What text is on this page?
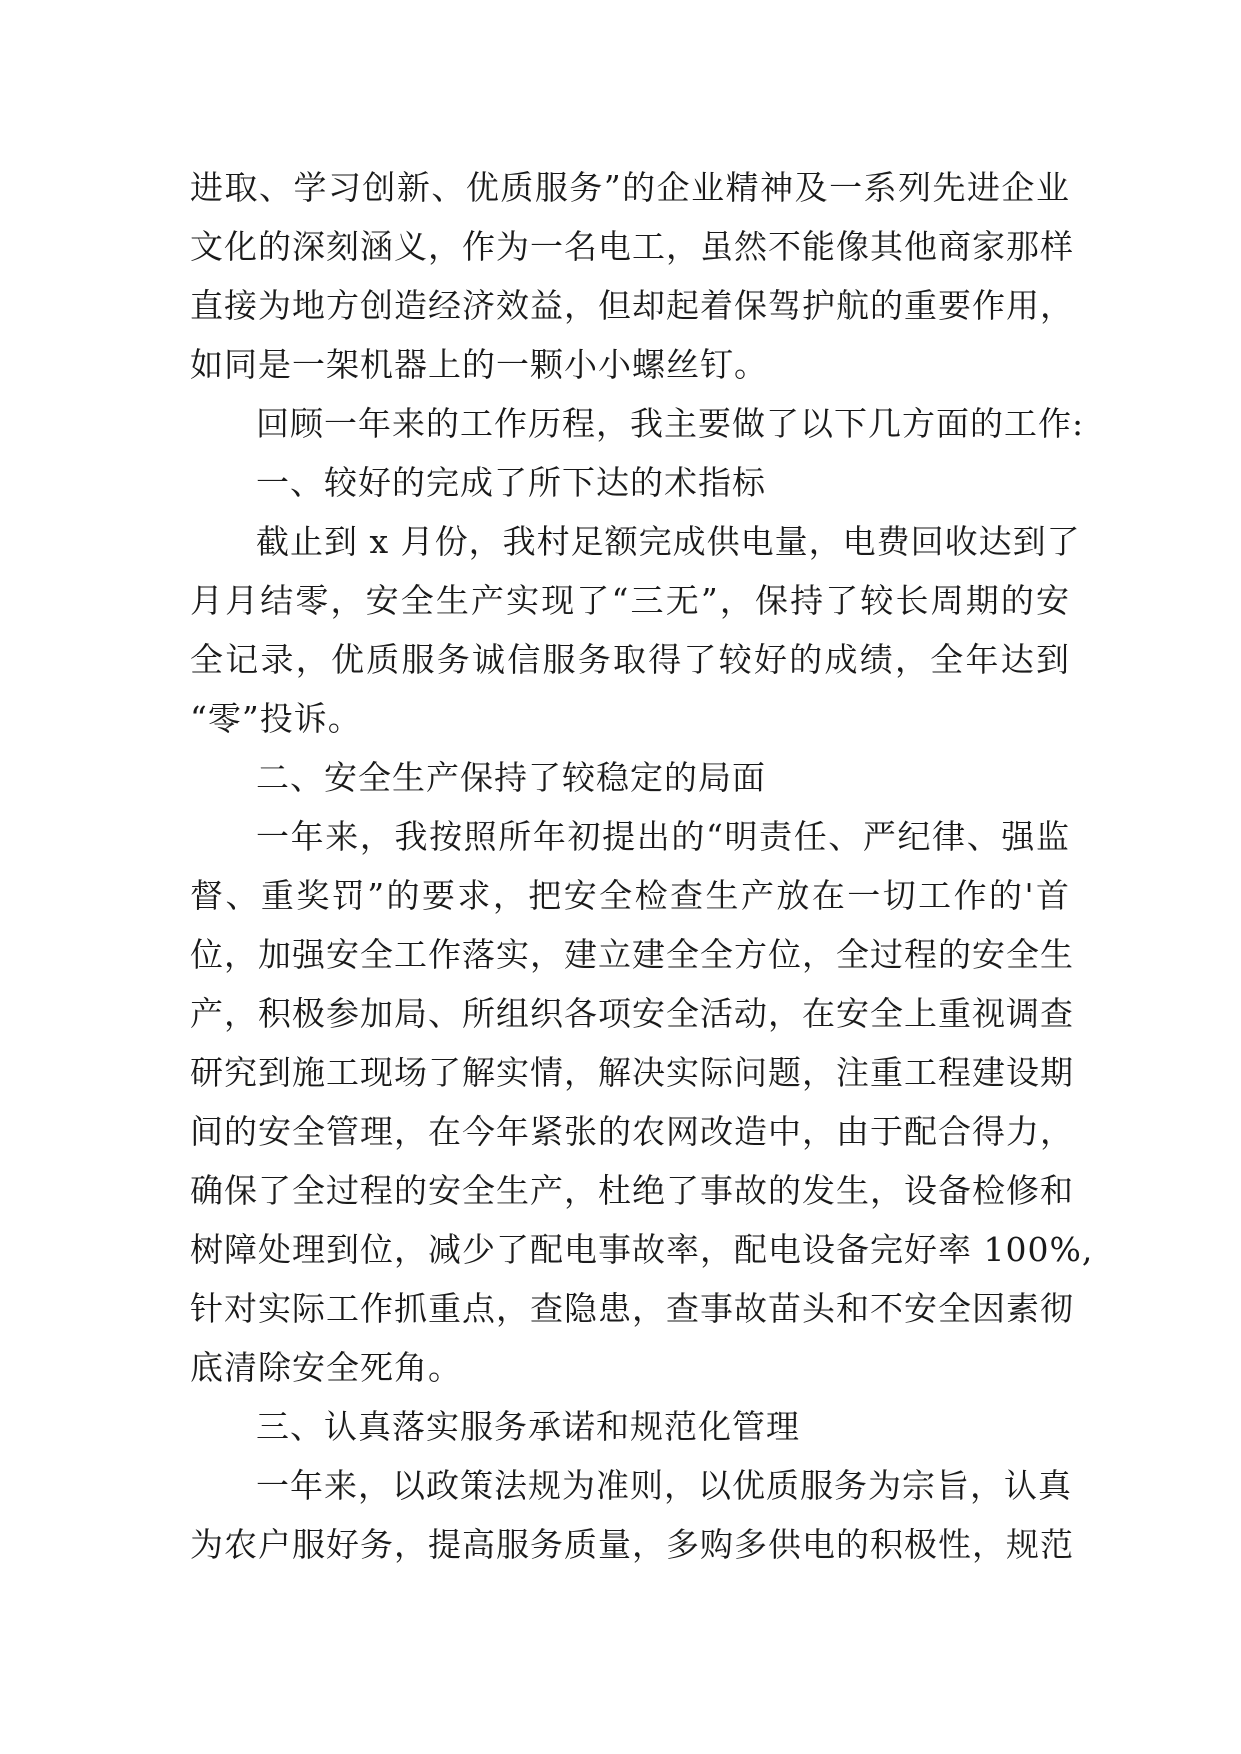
进取、学习创新、优质服务”的企业精神及一系列先进企业
文化的深刻涵义，作为一名电工，虽然不能像其他商家那样
直接为地方创造经济效益，但却起着保驾护航的重要作用，
如同是一架机器上的一颗小小螺丝钉。
回顾一年来的工作历程，我主要做了以下几方面的工作:
一、较好的完成了所下达的术指标
截止到 x 月份，我村足额完成供电量，电费回收达到了
月月结零，安全生产实现了“三无”，保持了较长周期的安
全记录，优质服务诚信服务取得了较好的成绩，全年达到
“零”投诉。
二、安全生产保持了较稳定的局面
一年来，我按照所年初提出的“明责任、严纪律、强监
督、重奖罚”的要求，把安全检查生产放在一切工作的'首
位，加强安全工作落实，建立建全全方位，全过程的安全生
产，积极参加局、所组织各项安全活动，在安全上重视调查
研究到施工现场了解实情，解决实际问题，注重工程建设期
间的安全管理，在今年紧张的农网改造中，由于配合得力，
确保了全过程的安全生产，杜绝了事故的发生，设备检修和
树障处理到位，减少了配电事故率，配电设备完好率 100%,
针对实际工作抓重点，查隐患，查事故苗头和不安全因素彻
底清除安全死角。
三、认真落实服务承诺和规范化管理
一年来，以政策法规为准则，以优质服务为宗旨，认真
为农户服好务，提高服务质量，多购多供电的积极性，规范
